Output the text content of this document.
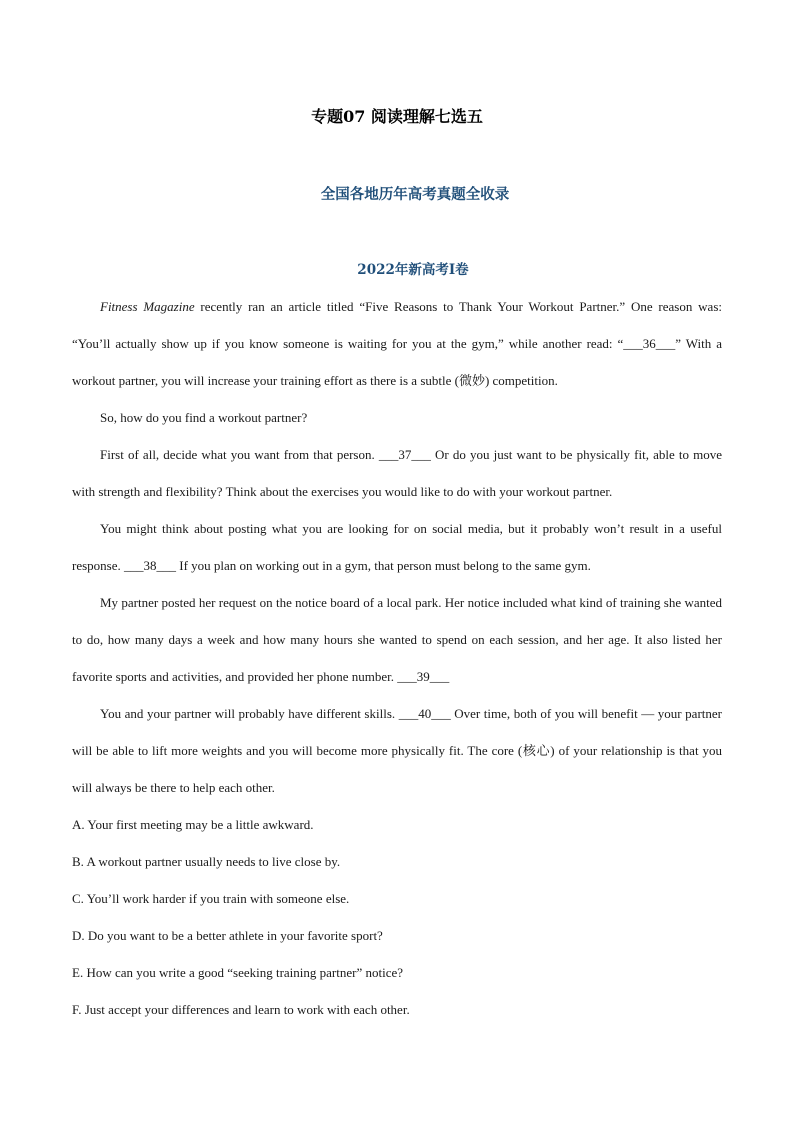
专题07 阅读理解七选五
全国各地历年高考真题全收录
2022年新高考I卷

Fitness Magazine recently ran an article titled “Five Reasons to Thank Your Workout Partner.” One reason was: “You’ll actually show up if you know someone is waiting for you at the gym,” while another read: “___36___” With a workout partner, you will increase your training effort as there is a subtle (微妙) competition.

So, how do you find a workout partner?

First of all, decide what you want from that person. ___37___ Or do you just want to be physically fit, able to move with strength and flexibility? Think about the exercises you would like to do with your workout partner.

You might think about posting what you are looking for on social media, but it probably won’t result in a useful response. ___38___ If you plan on working out in a gym, that person must belong to the same gym.

My partner posted her request on the notice board of a local park. Her notice included what kind of training she wanted to do, how many days a week and how many hours she wanted to spend on each session, and her age. It also listed her favorite sports and activities, and provided her phone number. ___39___

You and your partner will probably have different skills. ___40___ Over time, both of you will benefit — your partner will be able to lift more weights and you will become more physically fit. The core (核心) of your relationship is that you will always be there to help each other.

A. Your first meeting may be a little awkward.

B. A workout partner usually needs to live close by.

C. You’ll work harder if you train with someone else.

D. Do you want to be a better athlete in your favorite sport?

E. How can you write a good “seeking training partner” notice?

F. Just accept your differences and learn to work with each other.
